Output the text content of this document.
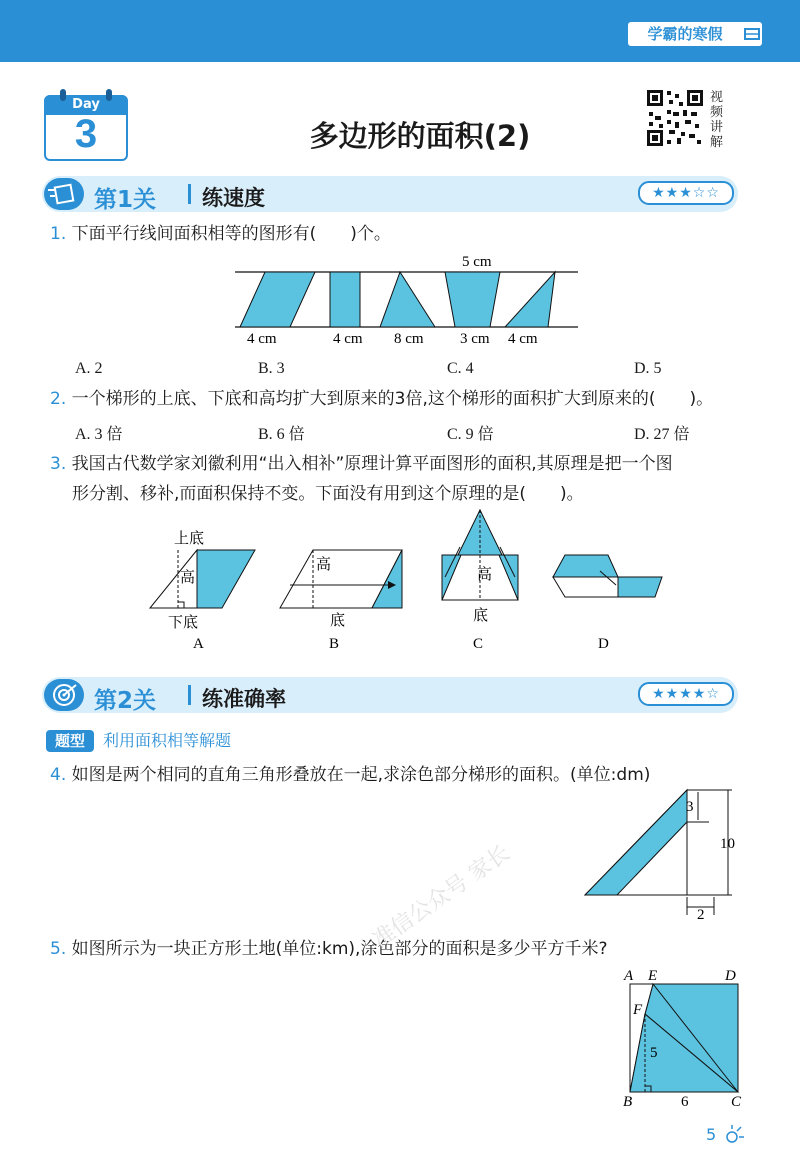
学霸的寒假
Day
3	多边形的面积(2)
视频讲解
第1关 练速度	★★★☆☆
1. 下面平行线间面积相等的图形有(　　)个。
5 cm
4 cm	4 cm 8 cm 3 cm 4 cm
A. 2	B. 3	C. 4	D. 5
2. 一个梯形的上底、下底和高均扩大到原来的3倍,这个梯形的面积扩大到原来的(　　)。
A. 3 倍	B. 6 倍	C. 9 倍	D. 27 倍
3. 我国古代数学家刘徽利用“出入相补”原理计算平面图形的面积,其原理是把一个图
形分割、移补,而面积保持不变。下面没有用到这个原理的是(　　)。
上底
高
下底
高
底
高
底
A	B	C	D
第2关 练准确率	★★★★☆
题型	利用面积相等解题
4. 如图是两个相同的直角三角形叠放在一起,求涂色部分梯形的面积。(单位:dm)
3
10
2
5. 如图所示为一块正方形土地(单位:km),涂色部分的面积是多少平方千米?
A E	D
F
B	C
5
6
准信公众号 家长
5
